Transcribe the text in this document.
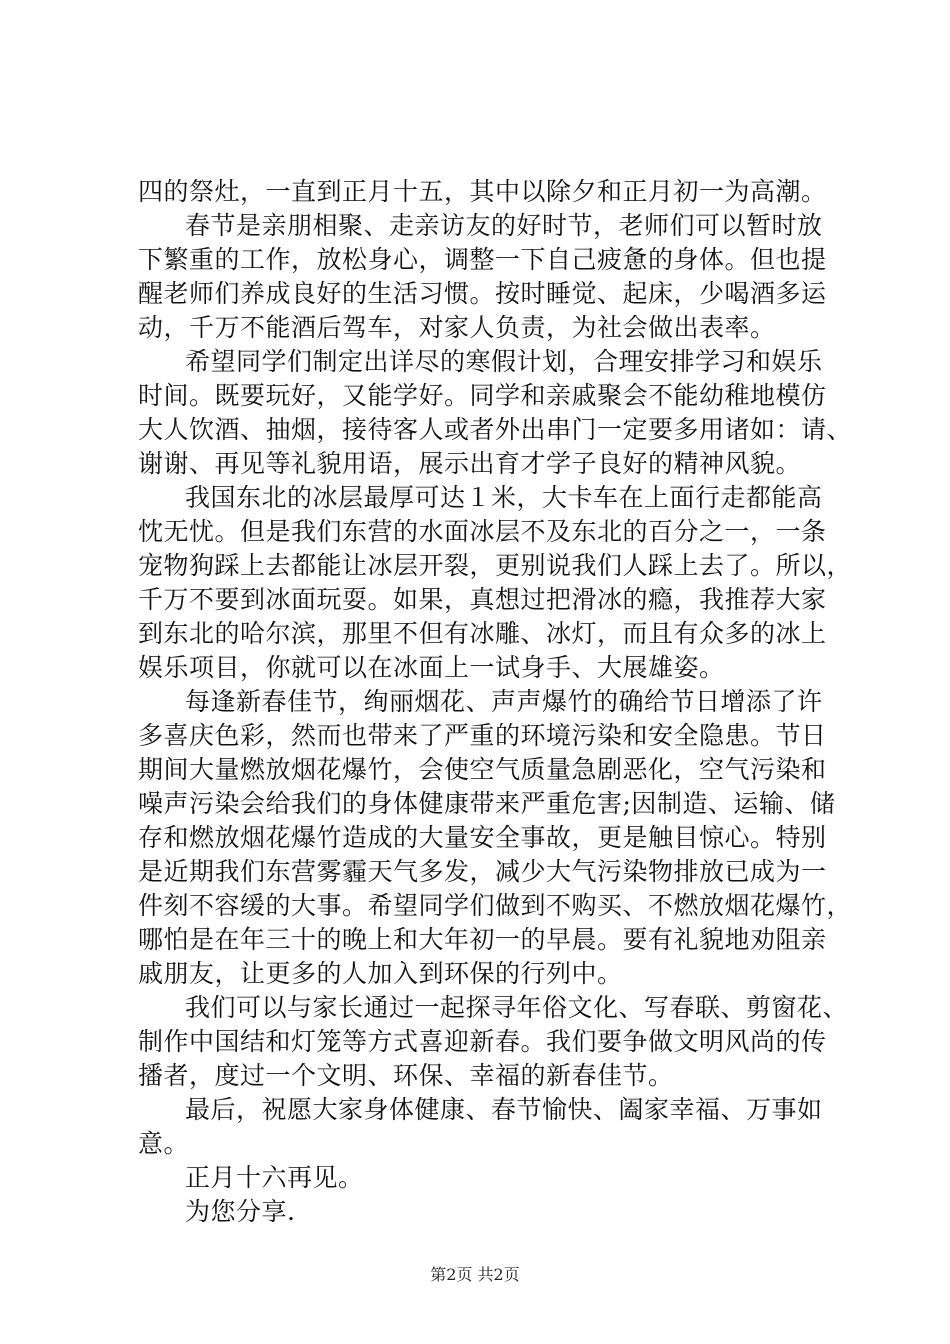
四的祭灶，一直到正月十五，其中以除夕和正月初一为高潮。
春节是亲朋相聚、走亲访友的好时节，老师们可以暂时放
下繁重的工作，放松身心，调整一下自己疲惫的身体。但也提
醒老师们养成良好的生活习惯。按时睡觉、起床，少喝酒多运
动，千万不能酒后驾车，对家人负责，为社会做出表率。
希望同学们制定出详尽的寒假计划，合理安排学习和娱乐
时间。既要玩好，又能学好。同学和亲戚聚会不能幼稚地模仿
大人饮酒、抽烟，接待客人或者外出串门一定要多用诸如：请、
谢谢、再见等礼貌用语，展示出育才学子良好的精神风貌。
我国东北的冰层最厚可达１米，大卡车在上面行走都能高
忱无忧。但是我们东营的水面冰层不及东北的百分之一，一条
宠物狗踩上去都能让冰层开裂，更别说我们人踩上去了。所以，
千万不要到冰面玩耍。如果，真想过把滑冰的瘾，我推荐大家
到东北的哈尔滨，那里不但有冰雕、冰灯，而且有众多的冰上
娱乐项目，你就可以在冰面上一试身手、大展雄姿。
每逢新春佳节，绚丽烟花、声声爆竹的确给节日增添了许
多喜庆色彩，然而也带来了严重的环境污染和安全隐患。节日
期间大量燃放烟花爆竹，会使空气质量急剧恶化，空气污染和
噪声污染会给我们的身体健康带来严重危害;因制造、运输、储
存和燃放烟花爆竹造成的大量安全事故，更是触目惊心。特别
是近期我们东营雾霾天气多发，减少大气污染物排放已成为一
件刻不容缓的大事。希望同学们做到不购买、不燃放烟花爆竹，
哪怕是在年三十的晚上和大年初一的早晨。要有礼貌地劝阻亲
戚朋友，让更多的人加入到环保的行列中。
我们可以与家长通过一起探寻年俗文化、写春联、剪窗花、
制作中国结和灯笼等方式喜迎新春。我们要争做文明风尚的传
播者，度过一个文明、环保、幸福的新春佳节。
最后，祝愿大家身体健康、春节愉快、阖家幸福、万事如
意。
正月十六再见。
为您分享.
第2页 共2页
